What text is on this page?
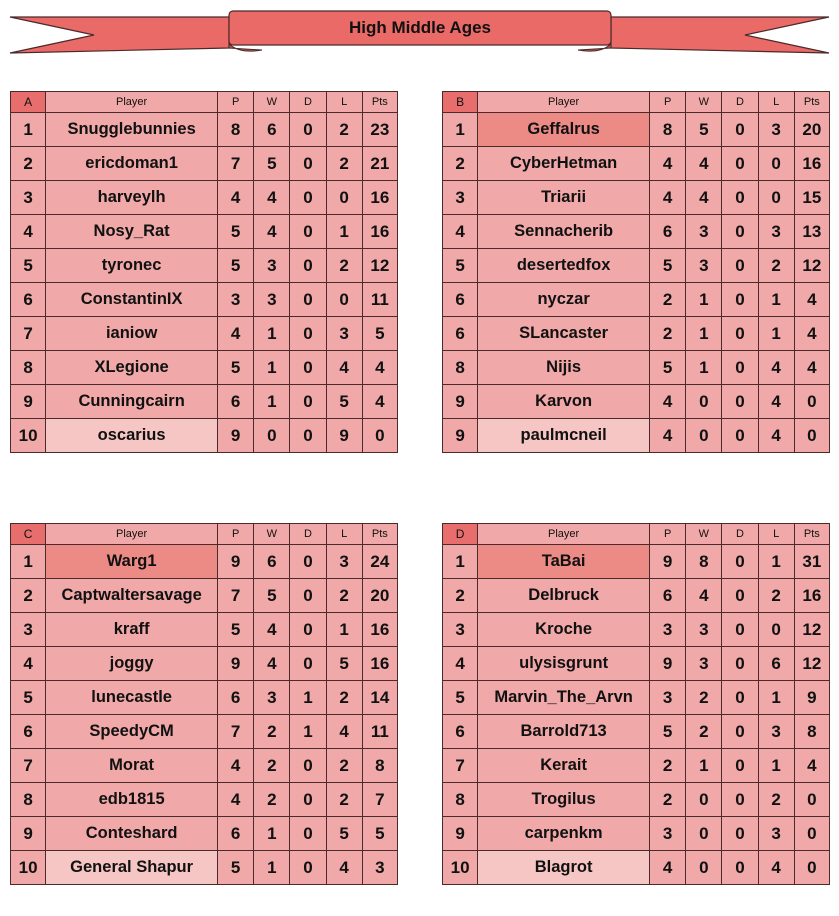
High Middle Ages
A	Player	P	W	D	L	Pts
1	Snugglebunnies	8	6	0	2	23
2	ericdoman1	7	5	0	2	21
3	harveylh	4	4	0	0	16
4	Nosy_Rat	5	4	0	1	16
5	tyronec	5	3	0	2	12
6	ConstantinIX	3	3	0	0	11
7	ianiow	4	1	0	3	5
8	XLegione	5	1	0	4	4
9	Cunningcairn	6	1	0	5	4
10	oscarius	9	0	0	9	0
B	Player	P	W	D	L	Pts
1	Geffalrus	8	5	0	3	20
2	CyberHetman	4	4	0	0	16
3	Triarii	4	4	0	0	15
4	Sennacherib	6	3	0	3	13
5	desertedfox	5	3	0	2	12
6	nyczar	2	1	0	1	4
6	SLancaster	2	1	0	1	4
8	Nijis	5	1	0	4	4
9	Karvon	4	0	0	4	0
9	paulmcneil	4	0	0	4	0
C	Player	P	W	D	L	Pts
1	Warg1	9	6	0	3	24
2	Captwaltersavage	7	5	0	2	20
3	kraff	5	4	0	1	16
4	joggy	9	4	0	5	16
5	lunecastle	6	3	1	2	14
6	SpeedyCM	7	2	1	4	11
7	Morat	4	2	0	2	8
8	edb1815	4	2	0	2	7
9	Conteshard	6	1	0	5	5
10	General Shapur	5	1	0	4	3
D	Player	P	W	D	L	Pts
1	TaBai	9	8	0	1	31
2	Delbruck	6	4	0	2	16
3	Kroche	3	3	0	0	12
4	ulysisgrunt	9	3	0	6	12
5	Marvin_The_Arvn	3	2	0	1	9
6	Barrold713	5	2	0	3	8
7	Kerait	2	1	0	1	4
8	Trogilus	2	0	0	2	0
9	carpenkm	3	0	0	3	0
10	Blagrot	4	0	0	4	0
